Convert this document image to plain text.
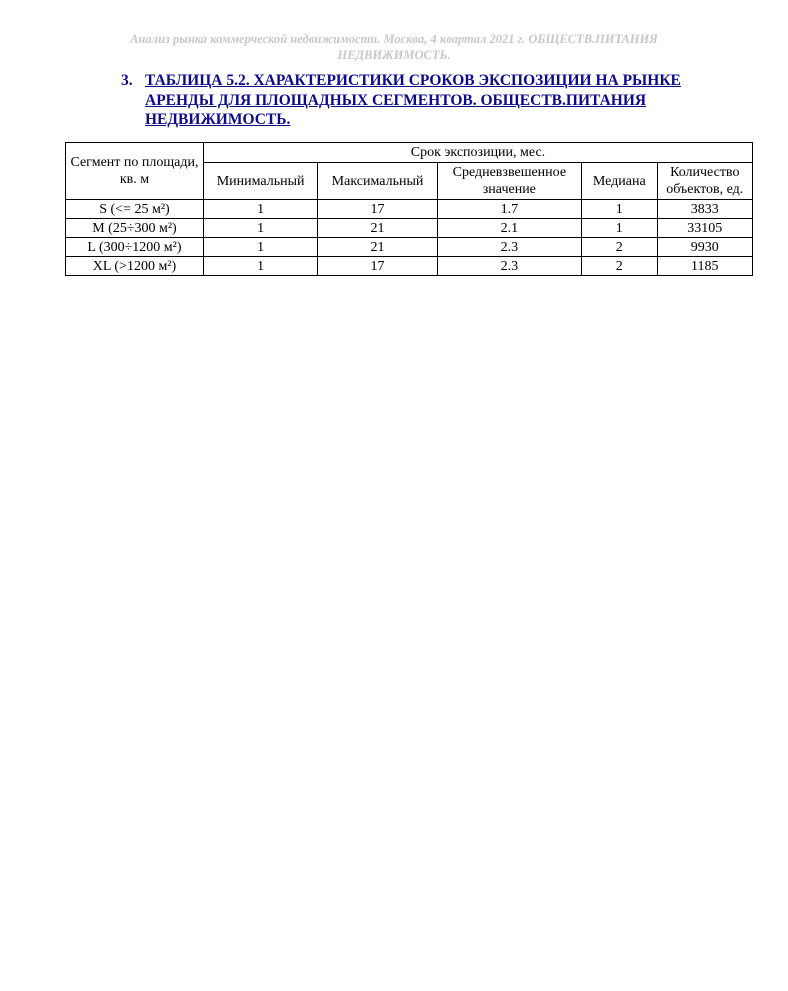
Анализ рынка коммерческой недвижимости. Москва, 4 квартал 2021 г. ОБЩЕСТВ.ПИТАНИЯ
НЕДВИЖИМОСТЬ.
3. ТАБЛИЦА 5.2. ХАРАКТЕРИСТИКИ СРОКОВ ЭКСПОЗИЦИИ НА РЫНКЕ АРЕНДЫ ДЛЯ ПЛОЩАДНЫХ СЕГМЕНТОВ. ОБЩЕСТВ.ПИТАНИЯ НЕДВИЖИМОСТЬ.
Сегмент по площади, кв. м	Срок экспозиции, мес.				
	Минимальный	Максимальный	Средневзвешенное значение	Медиана	Количество объектов, ед.
S (<= 25 м²)	1	17	1.7	1	3833
M (25÷300 м²)	1	21	2.1	1	33105
L (300÷1200 м²)	1	21	2.3	2	9930
XL (>1200 м²)	1	17	2.3	2	1185
